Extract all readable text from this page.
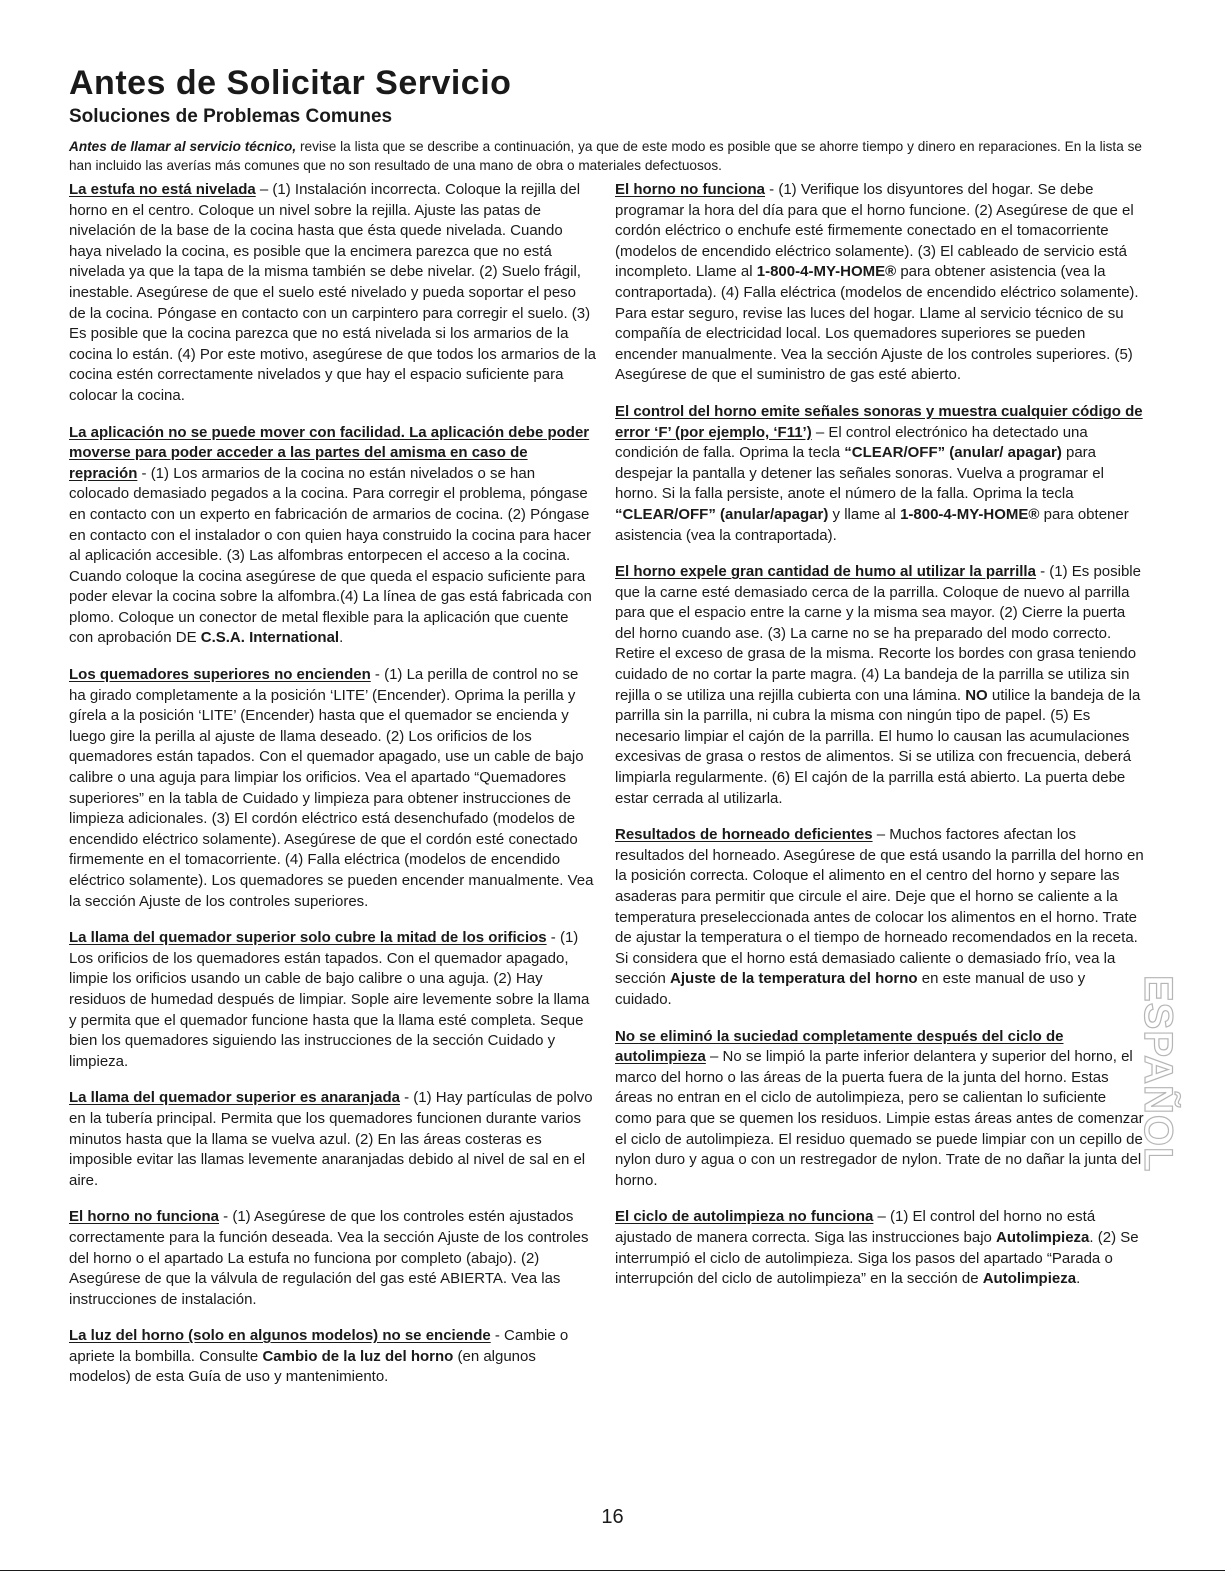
Antes de Solicitar Servicio
Soluciones de Problemas Comunes

Antes de llamar al servicio técnico, revise la lista que se describe a continuación, ya que de este modo es posible que se ahorre tiempo y dinero en reparaciones. En la lista se han incluido las averías más comunes que no son resultado de una mano de obra o materiales defectuosos.

La estufa no está nivelada – (1) Instalación incorrecta. Coloque la rejilla del horno en el centro. Coloque un nivel sobre la rejilla. Ajuste las patas de nivelación de la base de la cocina hasta que ésta quede nivelada. Cuando haya nivelado la cocina, es posible que la encimera parezca que no está nivelada ya que la tapa de la misma también se debe nivelar. (2) Suelo frágil, inestable. Asegúrese de que el suelo esté nivelado y pueda soportar el peso de la cocina. Póngase en contacto con un carpintero para corregir el suelo. (3) Es posible que la cocina parezca que no está nivelada si los armarios de la cocina lo están. (4) Por este motivo, asegúrese de que todos los armarios de la cocina estén correctamente nivelados y que hay el espacio suficiente para colocar la cocina.

La aplicación no se puede mover con facilidad. La aplicación debe poder moverse para poder acceder a las partes del amisma en caso de repración - (1) Los armarios de la cocina no están nivelados o se han colocado demasiado pegados a la cocina. Para corregir el problema, póngase en contacto con un experto en fabricación de armarios de cocina. (2) Póngase en contacto con el instalador o con quien haya construido la cocina para hacer al aplicación accesible. (3) Las alfombras entorpecen el acceso a la cocina. Cuando coloque la cocina asegúrese de que queda el espacio suficiente para poder elevar la cocina sobre la alfombra.(4) La línea de gas está fabricada con plomo. Coloque un conector de metal flexible para la aplicación que cuente con aprobación DE C.S.A. International.

Los quemadores superiores no encienden - (1) La perilla de control no se ha girado completamente a la posición ‘LITE’ (Encender). Oprima la perilla y gírela a la posición ‘LITE’ (Encender) hasta que el quemador se encienda y luego gire la perilla al ajuste de llama deseado. (2) Los orificios de los quemadores están tapados. Con el quemador apagado, use un cable de bajo calibre o una aguja para limpiar los orificios. Vea el apartado “Quemadores superiores” en la tabla de Cuidado y limpieza para obtener instrucciones de limpieza adicionales. (3) El cordón eléctrico está desenchufado (modelos de encendido eléctrico solamente). Asegúrese de que el cordón esté conectado firmemente en el tomacorriente. (4) Falla eléctrica (modelos de encendido eléctrico solamente). Los quemadores se pueden encender manualmente. Vea la sección Ajuste de los controles superiores.

La llama del quemador superior solo cubre la mitad de los orificios - (1) Los orificios de los quemadores están tapados. Con el quemador apagado, limpie los orificios usando un cable de bajo calibre o una aguja. (2) Hay residuos de humedad después de limpiar. Sople aire levemente sobre la llama y permita que el quemador funcione hasta que la llama esté completa. Seque bien los quemadores siguiendo las instrucciones de la sección Cuidado y limpieza.

La llama del quemador superior es anaranjada - (1) Hay partículas de polvo en la tubería principal. Permita que los quemadores funcionen durante varios minutos hasta que la llama se vuelva azul. (2) En las áreas costeras es imposible evitar las llamas levemente anaranjadas debido al nivel de sal en el aire.

El horno no funciona - (1) Asegúrese de que los controles estén ajustados correctamente para la función deseada. Vea la sección Ajuste de los controles del horno o el apartado La estufa no funciona por completo (abajo). (2) Asegúrese de que la válvula de regulación del gas esté ABIERTA. Vea las instrucciones de instalación.

La luz del horno (solo en algunos modelos) no se enciende - Cambie o apriete la bombilla. Consulte Cambio de la luz del horno (en algunos modelos) de esta Guía de uso y mantenimiento.

El horno no funciona - (1) Verifique los disyuntores del hogar. Se debe programar la hora del día para que el horno funcione. (2) Asegúrese de que el cordón eléctrico o enchufe esté firmemente conectado en el tomacorriente (modelos de encendido eléctrico solamente). (3) El cableado de servicio está incompleto. Llame al 1-800-4-MY-HOME® para obtener asistencia (vea la contraportada). (4) Falla eléctrica (modelos de encendido eléctrico solamente). Para estar seguro, revise las luces del hogar. Llame al servicio técnico de su compañía de electricidad local. Los quemadores superiores se pueden encender manualmente. Vea la sección Ajuste de los controles superiores. (5) Asegúrese de que el suministro de gas esté abierto.

El control del horno emite señales sonoras y muestra cualquier código de error ‘F’ (por ejemplo, ‘F11’) – El control electrónico ha detectado una condición de falla. Oprima la tecla “CLEAR/OFF” (anular/ apagar) para despejar la pantalla y detener las señales sonoras. Vuelva a programar el horno. Si la falla persiste, anote el número de la falla. Oprima la tecla “CLEAR/OFF” (anular/apagar) y llame al 1-800-4-MY-HOME® para obtener asistencia (vea la contraportada).

El horno expele gran cantidad de humo al utilizar la parrilla - (1) Es posible que la carne esté demasiado cerca de la parrilla. Coloque de nuevo al parrilla para que el espacio entre la carne y la misma sea mayor. (2) Cierre la puerta del horno cuando ase. (3) La carne no se ha preparado del modo correcto. Retire el exceso de grasa de la misma. Recorte los bordes con grasa teniendo cuidado de no cortar la parte magra. (4) La bandeja de la parrilla se utiliza sin rejilla o se utiliza una rejilla cubierta con una lámina. NO utilice la bandeja de la parrilla sin la parrilla, ni cubra la misma con ningún tipo de papel. (5) Es necesario limpiar el cajón de la parrilla. El humo lo causan las acumulaciones excesivas de grasa o restos de alimentos. Si se utiliza con frecuencia, deberá limpiarla regularmente. (6) El cajón de la parrilla está abierto. La puerta debe estar cerrada al utilizarla.

Resultados de horneado deficientes – Muchos factores afectan los resultados del horneado. Asegúrese de que está usando la parrilla del horno en la posición correcta. Coloque el alimento en el centro del horno y separe las asaderas para permitir que circule el aire. Deje que el horno se caliente a la temperatura preseleccionada antes de colocar los alimentos en el horno. Trate de ajustar la temperatura o el tiempo de horneado recomendados en la receta. Si considera que el horno está demasiado caliente o demasiado frío, vea la sección Ajuste de la temperatura del horno en este manual de uso y cuidado.

No se eliminó la suciedad completamente después del ciclo de autolimpieza – No se limpió la parte inferior delantera y superior del horno, el marco del horno o las áreas de la puerta fuera de la junta del horno. Estas áreas no entran en el ciclo de autolimpieza, pero se calientan lo suficiente como para que se quemen los residuos. Limpie estas áreas antes de comenzar el ciclo de autolimpieza. El residuo quemado se puede limpiar con un cepillo de nylon duro y agua o con un restregador de nylon. Trate de no dañar la junta del horno.

El ciclo de autolimpieza no funciona – (1) El control del horno no está ajustado de manera correcta. Siga las instrucciones bajo Autolimpieza. (2) Se interrumpió el ciclo de autolimpieza. Siga los pasos del apartado “Parada o interrupción del ciclo de autolimpieza” en la sección de Autolimpieza.

ESPAÑOL
16
